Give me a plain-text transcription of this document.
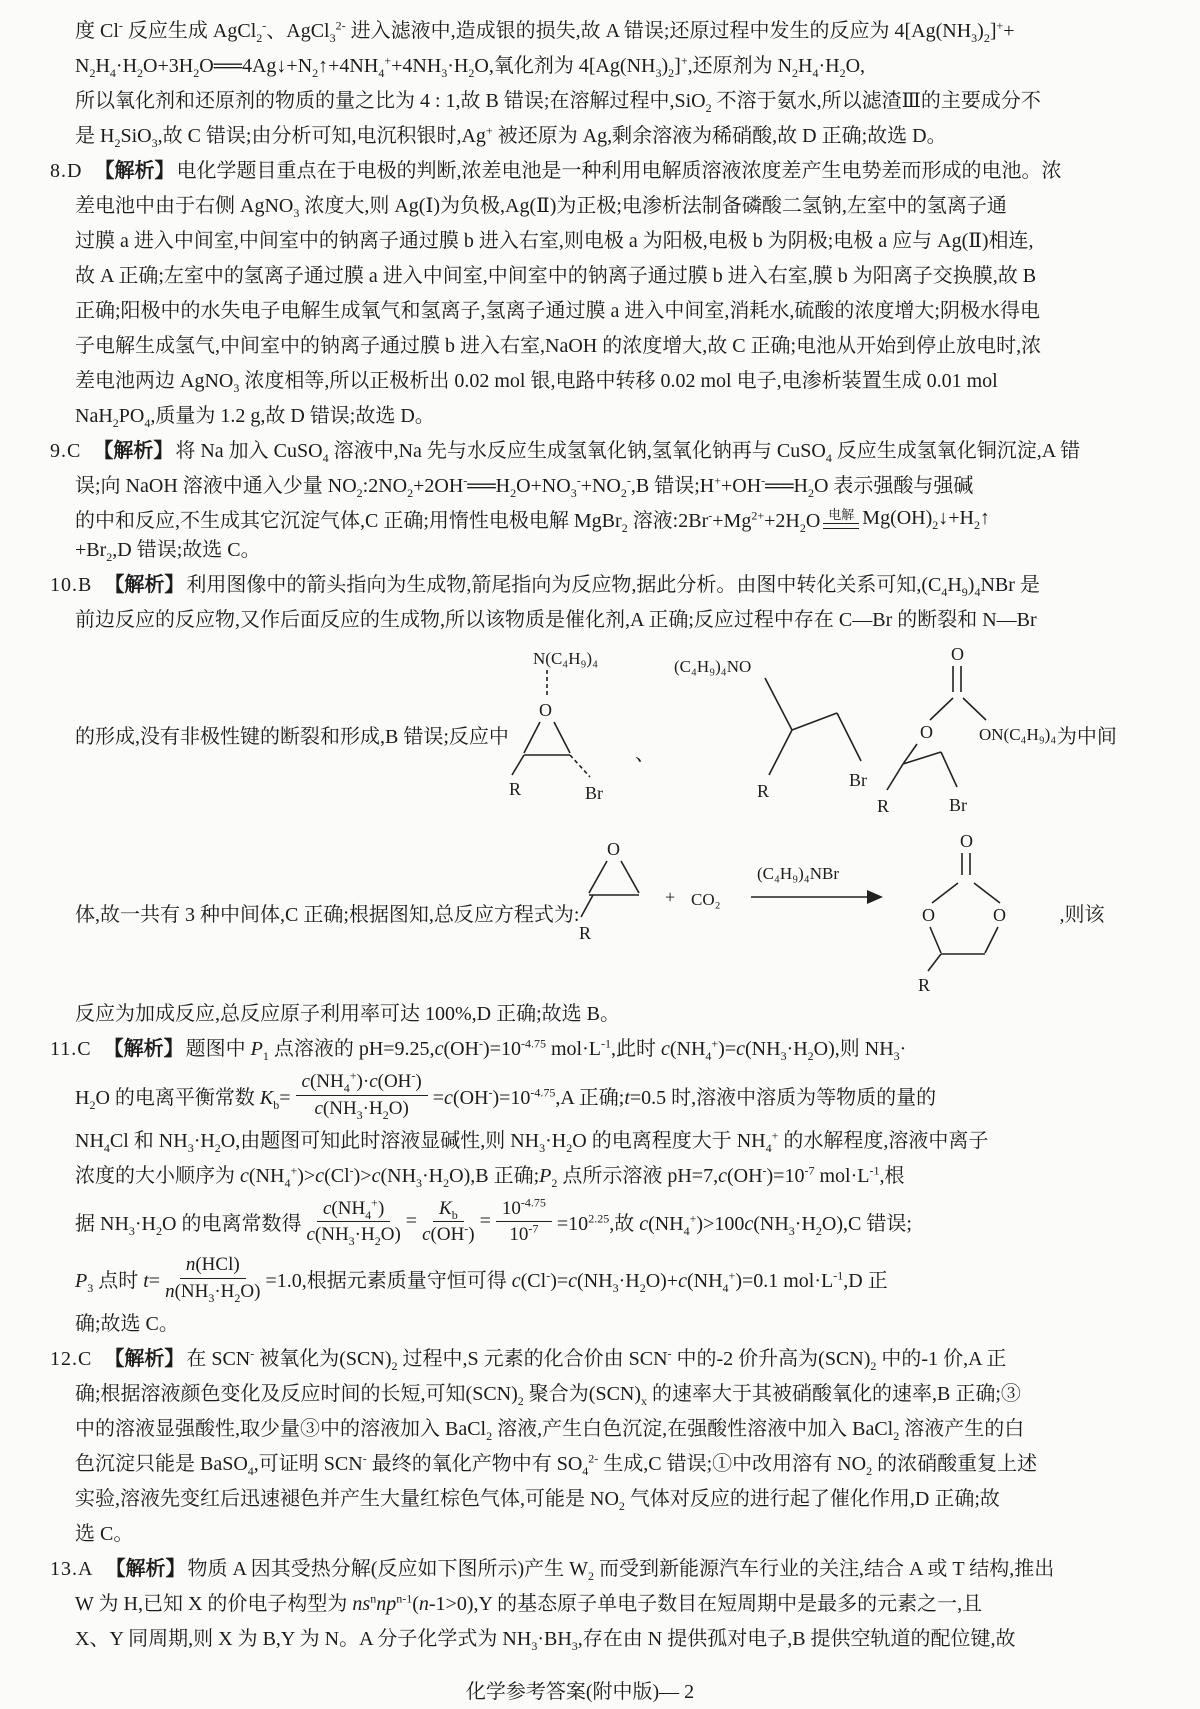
度 Cl- 反应生成 AgCl$_2$-、AgCl$_3^{2-}$ 进入滤液中,造成银的损失,故 A 错误;还原过程中发生的反应为 $4[Ag(NH_3)_2]^++$
$N_2H_4\cdot H_2O+3H_2O══4Ag↓+N_2↑+4NH_4^++4NH_3\cdot H_2O$,氧化剂为 $4[Ag(NH_3)_2]^+$,还原剂为 $N_2H_4\cdot H_2O$,
所以氧化剂和还原剂的物质的量之比为 4 : 1,故 B 错误;在溶解过程中,SiO$_2$ 不溶于氨水,所以滤渣Ⅲ的主要成分不
是 $H_2SiO_3$,故 C 错误;由分析可知,电沉积银时,Ag+ 被还原为 Ag,剩余溶液为稀硝酸,故 D 正确;故选 D。
8.D 【解析】 电化学题目重点在于电极的判断,浓差电池是一种利用电解质溶液浓度差产生电势差而形成的电池。浓
差电池中由于右侧 AgNO$_3$ 浓度大,则 Ag(Ⅰ)为负极,Ag(Ⅱ)为正极;电渗析法制备磷酸二氢钠,左室中的氢离子通
过膜 a 进入中间室,中间室中的钠离子通过膜 b 进入右室,则电极 a 为阳极,电极 b 为阴极;电极 a 应与 Ag(Ⅱ)相连,
故 A 正确;左室中的氢离子通过膜 a 进入中间室,中间室中的钠离子通过膜 b 进入右室,膜 b 为阳离子交换膜,故 B
正确;阳极中的水失电子电解生成氧气和氢离子,氢离子通过膜 a 进入中间室,消耗水,硫酸的浓度增大;阴极水得电
子电解生成氢气,中间室中的钠离子通过膜 b 进入右室,NaOH 的浓度增大,故 C 正确;电池从开始到停止放电时,浓
差电池两边 AgNO$_3$ 浓度相等,所以正极析出 0.02 mol 银,电路中转移 0.02 mol 电子,电渗析装置生成 0.01 mol
$NaH_2PO_4$,质量为 1.2 g,故 D 错误;故选 D。
9.C 【解析】 将 Na 加入 CuSO$_4$ 溶液中,Na 先与水反应生成氢氧化钠,氢氧化钠再与 CuSO$_4$ 反应生成氢氧化铜沉淀,A 错
误;向 NaOH 溶液中通入少量 $NO_2:2NO_2+2OH^-══H_2O+NO_3^-+NO_2^-,B$ 错误$;H^++OH^-══H_2O$ 表示强酸与强碱
的中和反应,不生成其它沉淀气体,C 正确;用惰性电极电解 MgBr$_2$ 溶液$:2Br^-+Mg^{2+}+2H_2O$ 电解 $Mg(OH)_2↓+H_2↑$
$+Br_2,D$ 错误;故选 C。
10.B 【解析】 利用图像中的箭头指向为生成物,箭尾指向为反应物,据此分析。由图中转化关系可知$,(C_4H_9)_4NBr$ 是
前边反应的反应物,又作后面反应的生成物,所以该物质是催化剂,A 正确;反应过程中存在 C—Br 的断裂和 N—Br
的形成,没有非极性键的断裂和形成,B 错误;反应中
N(C₄H₉)₄
O
R	Br
、
(C₄H₉)₄NO
R
Br
O
O	ON(C₄H₉)₄
R	Br
为中间
体,故一共有 3 种中间体,C 正确;根据图知,总反应方程式为:
O
R
+ CO₂
(C₄H₉)₄NBr
O
O	O
R
,则该
反应为加成反应,总反应原子利用率可达 100%,D 正确;故选 B。
11.C 【解析】 题图中 $P_1$ 点溶液的 $pH=9.25,c(OH^-)=10^{-4.75}$ $mol\cdot L^{-1}$,此时 $c(NH_4^+)=c(NH_3\cdot H_2O)$,则 $NH_3\cdot$
$H_2O$ 的电离平衡常数 $K_b= \frac{c(NH_4^+)\cdot c(OH^-)}{c(NH_3\cdot H_2O)} =c(OH^-)=10^{-4.75},A$ 正确;t=0.5 时,溶液中溶质为等物质的量的
$NH_4Cl$ 和 $NH_3\cdot H_2O$,由题图可知此时溶液显碱性,则 $NH_3\cdot H_2O$ 的电离程度大于 $NH_4^+$ 的水解程度,溶液中离子
浓度的大小顺序为 $c(NH_4^+)>c(Cl^-)>c(NH_3\cdot H_2O),B$ 正确$;P_2$ 点所示溶液 $pH=7,c(OH^-)=10^{-7}$ $mol\cdot L^{-1}$,根
据 $NH_3\cdot H_2O$ 的电离常数得 $\frac{c(NH_4^+)}{c(NH_3\cdot H_2O)} = \frac{K_b}{c(OH^-)} = \frac{10^{-4.75}}{10^{-7}} =10^{2.25}$,故 $c(NH_4^+)>100c(NH_3\cdot H_2O),C$ 错误;
$P_3$ 点时 $t= \frac{\text{n(HCl)}}{n(NH_3\cdot H_2O)} =1.0$,根据元素质量守恒可得 $c(Cl^-)=c(NH_3\cdot H_2O)+c(NH_4^+)=0.1$ $mol\cdot L^{-1},D$ 正
确;故选 C。
12.C 【解析】 在 SCN- 被氧化为$(SCN)_2$ 过程中,S 元素的化合价由 SCN- 中的-2 价升高为$(SCN)_2$ 中的-1 价,A 正
确;根据溶液颜色变化及反应时间的长短,可知$(SCN)_2$ 聚合为$(SCN)_x$ 的速率大于其被硝酸氧化的速率,B 正确;③
中的溶液显强酸性,取少量③中的溶液加入 BaCl$_2$ 溶液,产生白色沉淀,在强酸性溶液中加入 BaCl$_2$ 溶液产生的白
色沉淀只能是 BaSO$_4$,可证明 SCN- 最终的氧化产物中有 $SO_4^{2-}$ 生成,C 错误;①中改用溶有 $NO_2$ 的浓硝酸重复上述
实验,溶液先变红后迅速褪色并产生大量红棕色气体,可能是 $NO_2$ 气体对反应的进行起了催化作用,D 正确;故
选 C。
13.A 【解析】 物质 A 因其受热分解(反应如下图所示)产生 $W_2$ 而受到新能源汽车行业的关注,结合 A 或 T 结构,推出
W 为 H,已知 X 的价电子构型为 $ns^nnp^{n-1}(n-1>0),Y$ 的基态原子单电子数目在短周期中是最多的元素之一,且
X、Y 同周期,则 X 为 B,Y 为 N。A 分子化学式为 $NH_3\cdot BH_3$,存在由 N 提供孤对电子,B 提供空轨道的配位键,故
化学参考答案(附中版)— 2
